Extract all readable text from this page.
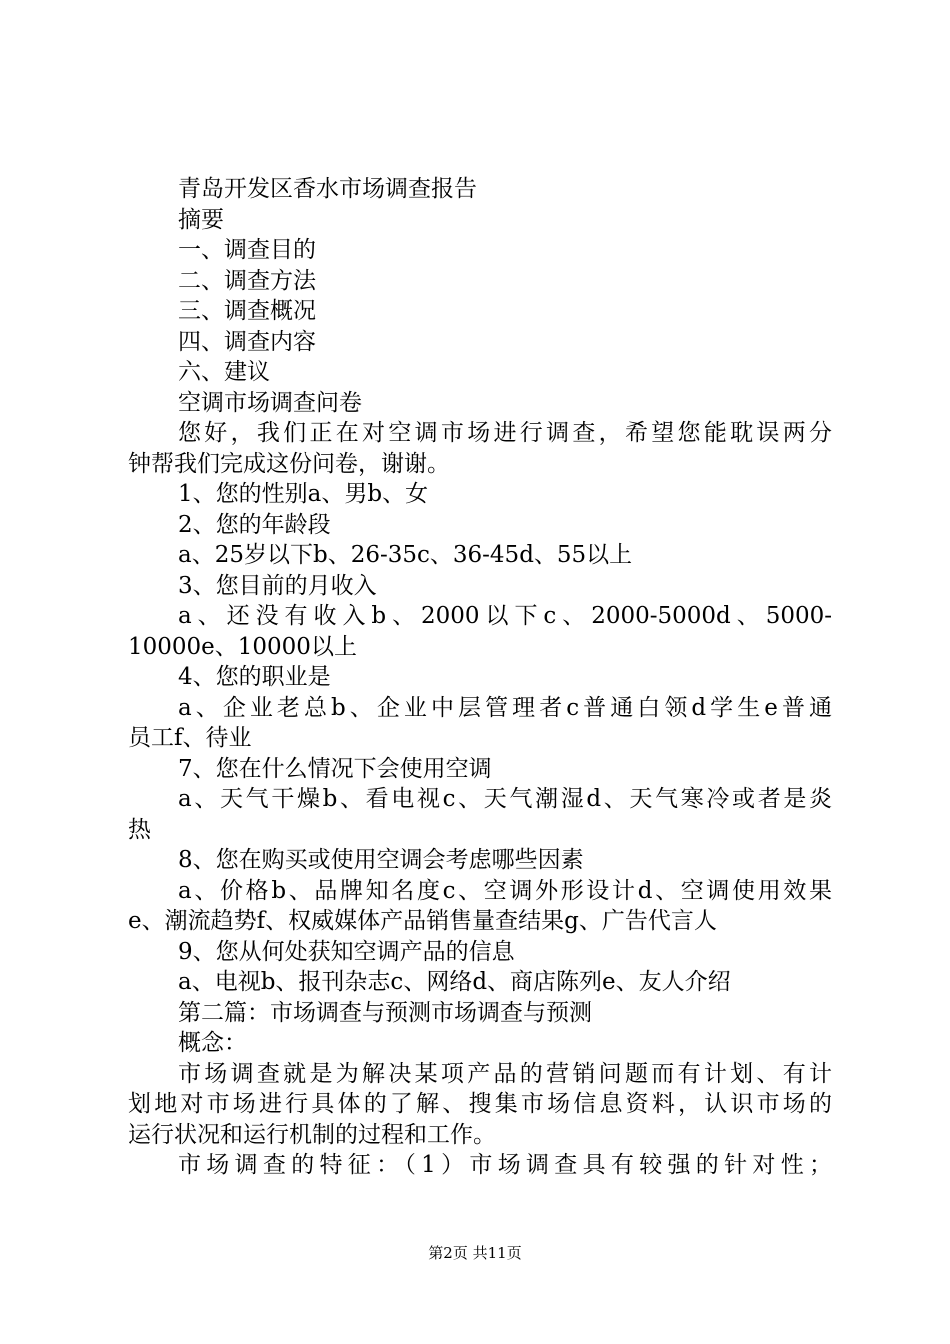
青岛开发区香水市场调查报告
摘要
一、调查目的
二、调查方法
三、调查概况
四、调查内容
六、建议
空调市场调查问卷
您好，我们正在对空调市场进行调查，希望您能耽误两分
钟帮我们完成这份问卷，谢谢。
1、您的性别a、男b、女
2、您的年龄段
a、25岁以下b、26-35c、36-45d、55以上
3、您目前的月收入
a、还没有收入b、2000以下c、2000-5000d、5000-
10000e、10000以上
4、您的职业是
a、企业老总b、企业中层管理者c普通白领d学生e普通
员工f、待业
7、您在什么情况下会使用空调
a、天气干燥b、看电视c、天气潮湿d、天气寒冷或者是炎
热
8、您在购买或使用空调会考虑哪些因素
a、价格b、品牌知名度c、空调外形设计d、空调使用效果
e、潮流趋势f、权威媒体产品销售量查结果g、广告代言人
9、您从何处获知空调产品的信息
a、电视b、报刊杂志c、网络d、商店陈列e、友人介绍
第二篇：市场调查与预测市场调查与预测
概念：
市场调查就是为解决某项产品的营销问题而有计划、有计
划地对市场进行具体的了解、搜集市场信息资料，认识市场的
运行状况和运行机制的过程和工作。
市场调查的特征：（1）市场调查具有较强的针对性；
第2页 共11页
